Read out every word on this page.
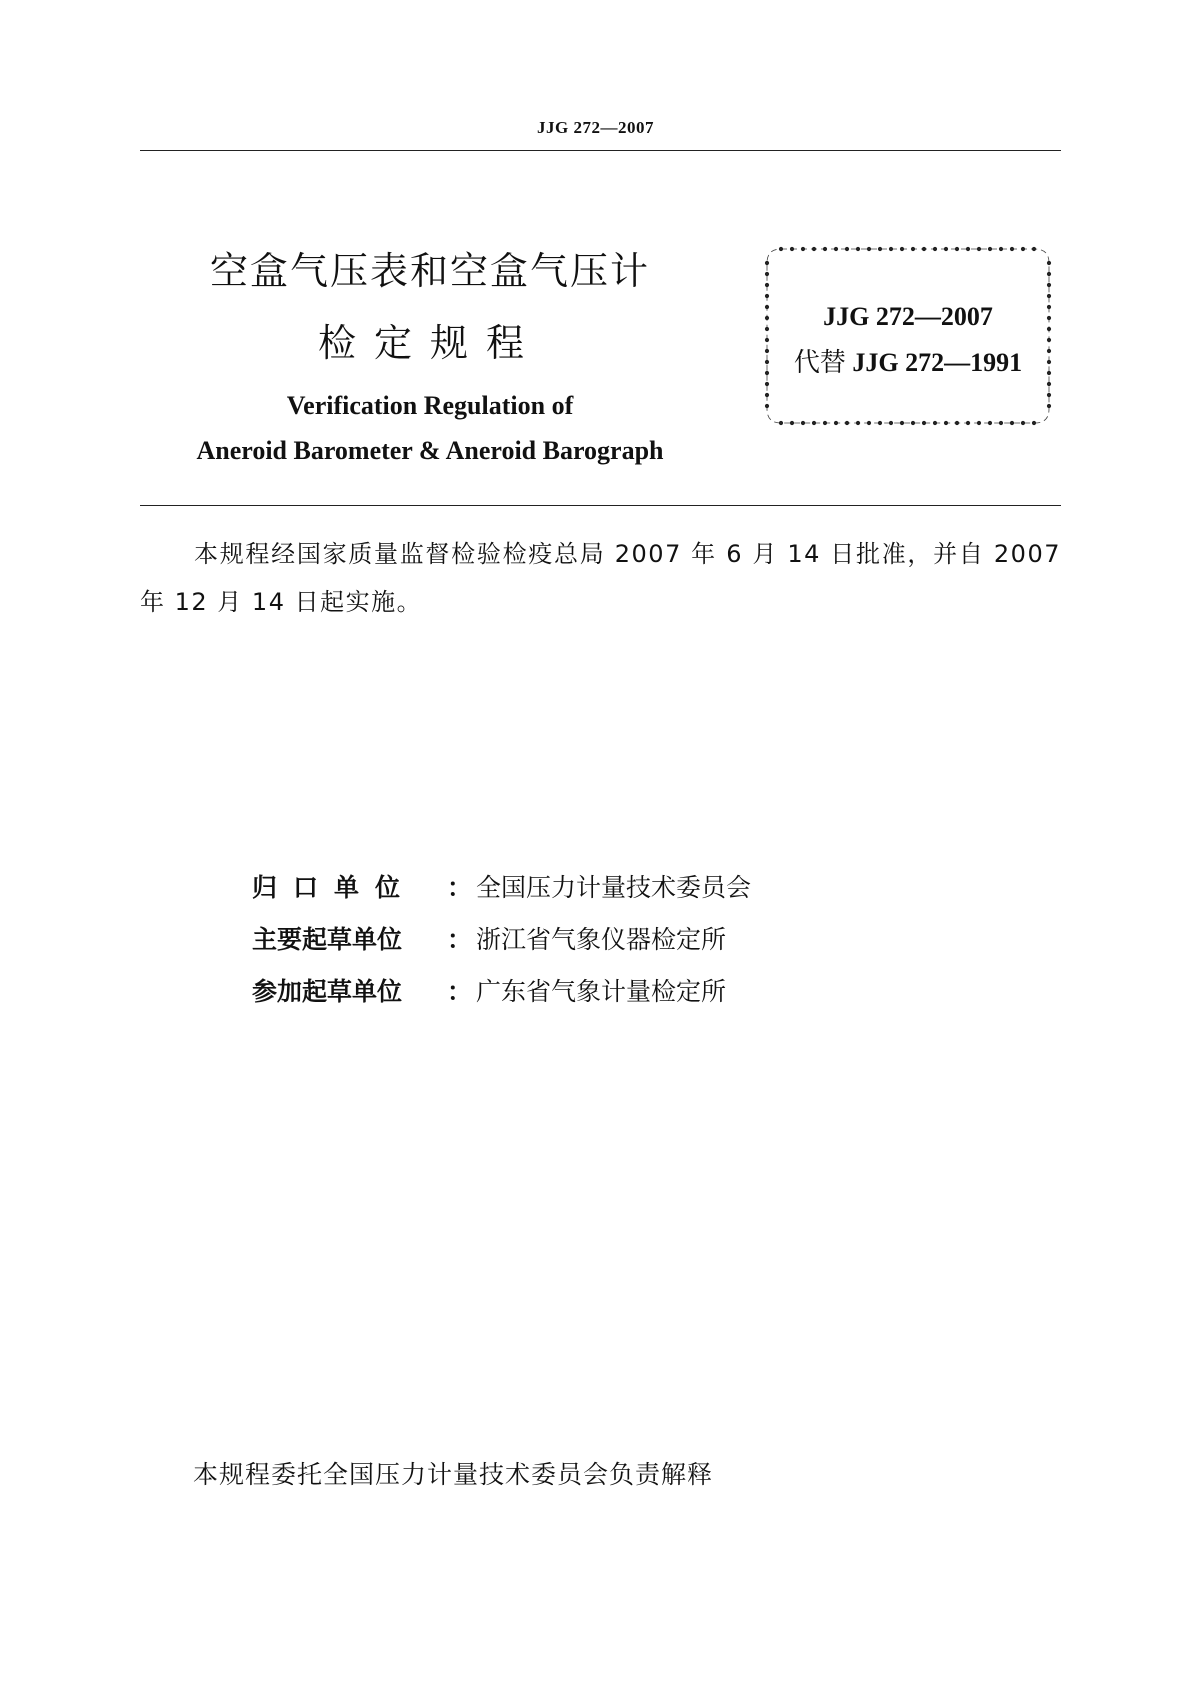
JJG 272—2007
空盒气压表和空盒气压计
检定规程
Verification Regulation of
Aneroid Barometer & Aneroid Barograph
JJG 272—2007
代替 JJG 272—1991
本规程经国家质量监督检验检疫总局 2007 年 6 月 14 日批准，并自 2007 年 12 月 14 日起实施。
归口单位 ： 全国压力计量技术委员会
主要起草单位 ： 浙江省气象仪器检定所
参加起草单位 ： 广东省气象计量检定所
本规程委托全国压力计量技术委员会负责解释
